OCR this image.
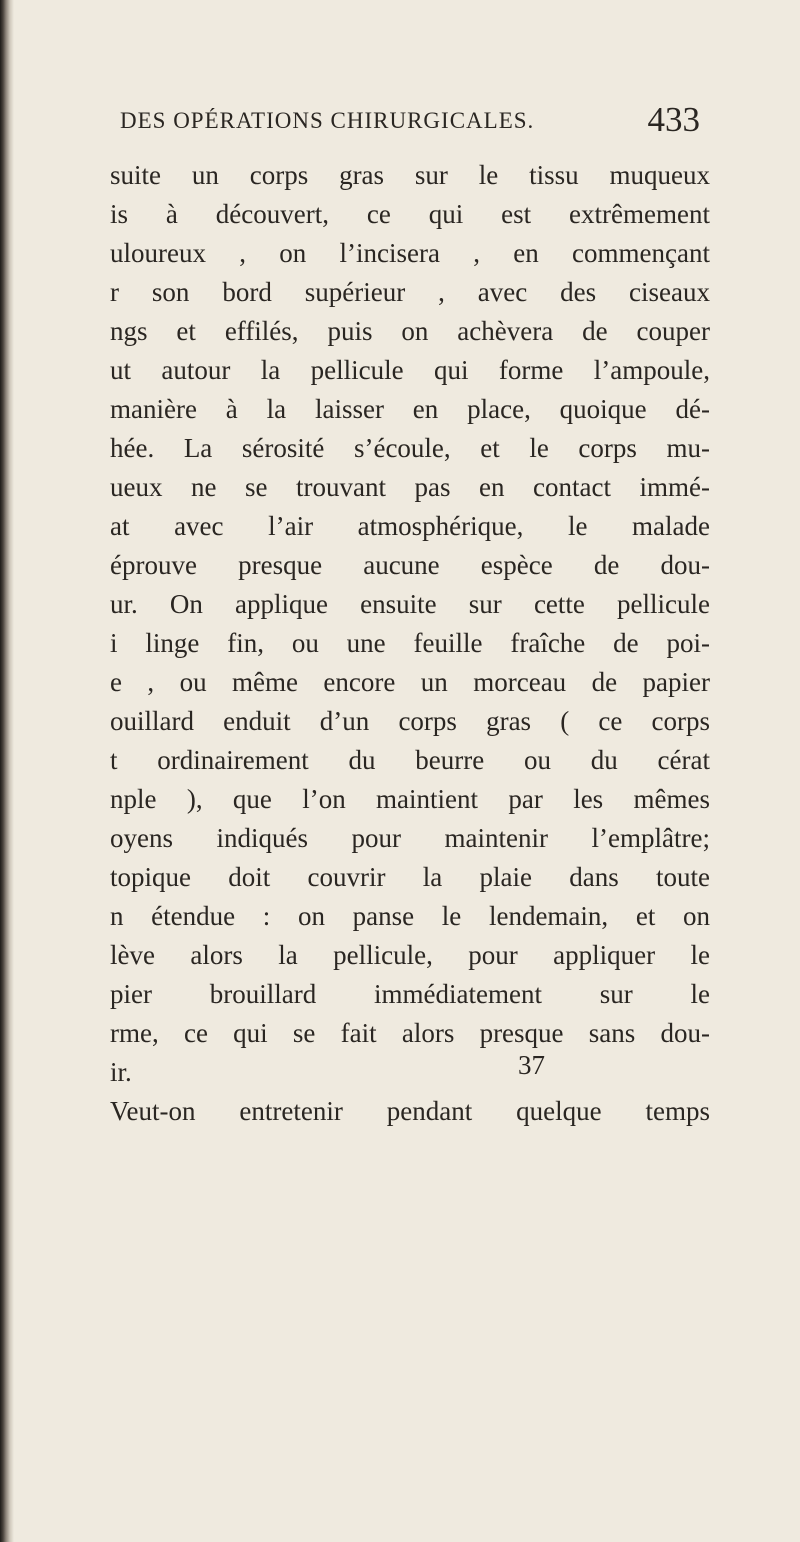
DES OPÉRATIONS CHIRURGICALES.	433
suite un corps gras sur le tissu muqueux
is à découvert, ce qui est extrêmement
uloureux , on l’incisera , en commençant
r son bord supérieur , avec des ciseaux
ngs et effilés, puis on achèvera de couper
ut autour la pellicule qui forme l’ampoule,
manière à la laisser en place, quoique dé-
hée. La sérosité s’écoule, et le corps mu-
ueux ne se trouvant pas en contact immé-
at avec l’air atmosphérique, le malade
éprouve presque aucune espèce de dou-
ur. On applique ensuite sur cette pellicule
i linge fin, ou une feuille fraîche de poi-
e , ou même encore un morceau de papier
ouillard enduit d’un corps gras ( ce corps
t ordinairement du beurre ou du cérat
nple ), que l’on maintient par les mêmes
oyens indiqués pour maintenir l’emplâtre;
topique doit couvrir la plaie dans toute
n étendue : on panse le lendemain, et on
lève alors la pellicule, pour appliquer le
pier brouillard immédiatement sur le
rme, ce qui se fait alors presque sans dou-
ir.
Veut-on entretenir pendant quelque temps
37
